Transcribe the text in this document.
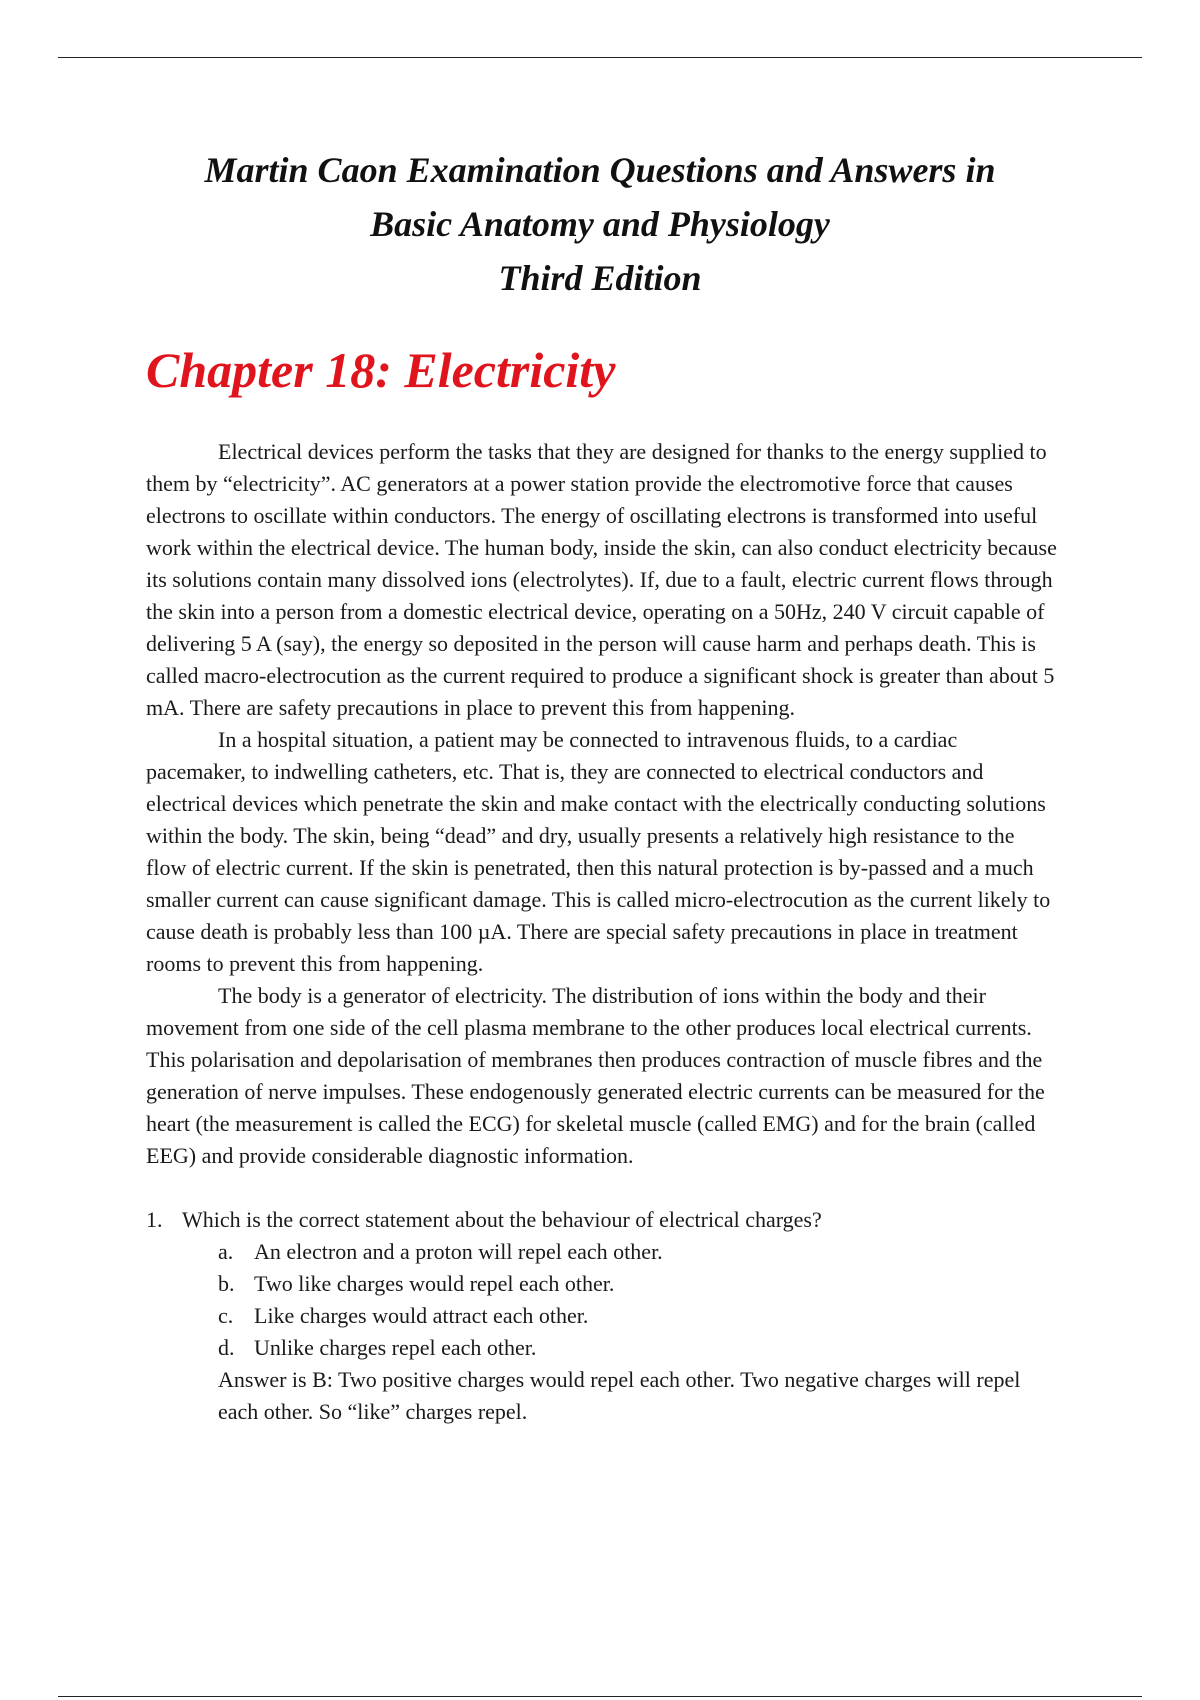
Martin Caon Examination Questions and Answers in
Basic Anatomy and Physiology
Third Edition
Chapter 18: Electricity

Electrical devices perform the tasks that they are designed for thanks to the energy supplied to them by “electricity”. AC generators at a power station provide the electromotive force that causes electrons to oscillate within conductors. The energy of oscillating electrons is transformed into useful work within the electrical device. The human body, inside the skin, can also conduct electricity because its solutions contain many dissolved ions (electrolytes). If, due to a fault, electric current flows through the skin into a person from a domestic electrical device, operating on a 50Hz, 240 V circuit capable of delivering 5 A (say), the energy so deposited in the person will cause harm and perhaps death. This is called macro-electrocution as the current required to produce a significant shock is greater than about 5 mA. There are safety precautions in place to prevent this from happening.

In a hospital situation, a patient may be connected to intravenous fluids, to a cardiac pacemaker, to indwelling catheters, etc. That is, they are connected to electrical conductors and electrical devices which penetrate the skin and make contact with the electrically conducting solutions within the body. The skin, being “dead” and dry, usually presents a relatively high resistance to the flow of electric current. If the skin is penetrated, then this natural protection is by-passed and a much smaller current can cause significant damage. This is called micro-electrocution as the current likely to cause death is probably less than 100 µA. There are special safety precautions in place in treatment rooms to prevent this from happening.

The body is a generator of electricity. The distribution of ions within the body and their movement from one side of the cell plasma membrane to the other produces local electrical currents. This polarisation and depolarisation of membranes then produces contraction of muscle fibres and the generation of nerve impulses. These endogenously generated electric currents can be measured for the heart (the measurement is called the ECG) for skeletal muscle (called EMG) and for the brain (called EEG) and provide considerable diagnostic information.

1. Which is the correct statement about the behaviour of electrical charges?
a. An electron and a proton will repel each other.
b. Two like charges would repel each other.
c. Like charges would attract each other.
d. Unlike charges repel each other.
Answer is B: Two positive charges would repel each other. Two negative charges will repel each other. So “like” charges repel.
